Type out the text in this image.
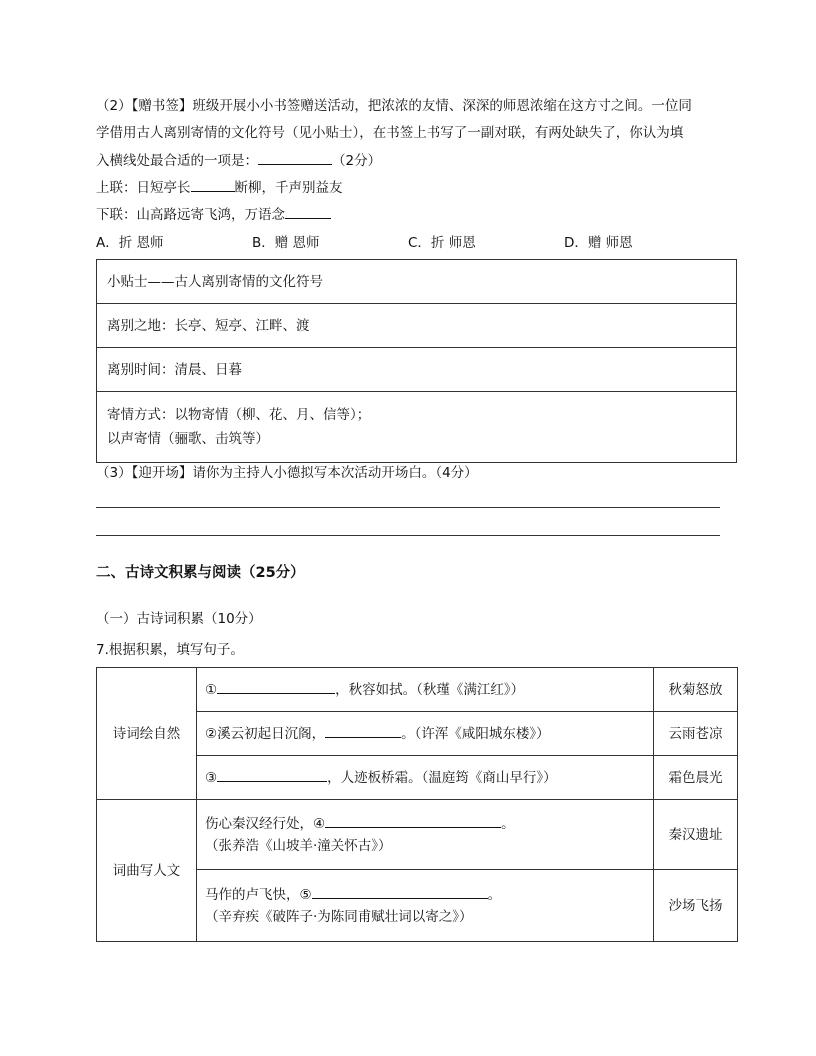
（2）【赠书签】班级开展小小书签赠送活动，把浓浓的友情、深深的师恩浓缩在这方寸之间。一位同
学借用古人离别寄情的文化符号（见小贴士），在书签上书写了一副对联，有两处缺失了，你认为填
入横线处最合适的一项是：	（2分）
上联：日短亭长	断柳，千声别益友
下联：山高路远寄飞鸿，万语念
A．折 恩师	B．赠 恩师	C．折 师恩	D．赠 师恩
小贴士——古人离别寄情的文化符号
离别之地：长亭、短亭、江畔、渡
离别时间：清晨、日暮

寄情方式：以物寄情（柳、花、月、信等）；
以声寄情（骊歌、击筑等）
（3）【迎开场】请你为主持人小德拟写本次活动开场白。（4分）
二、古诗文积累与阅读（25分）
（一）古诗词积累（10分）
7.根据积累，填写句子。
诗词绘自然	① ，秋容如拭。（秋瑾《满江红》）	秋菊怒放
	②溪云初起日沉阁， 。（许浑《咸阳城东楼》）	云雨苍凉
	③ ，人迹板桥霜。（温庭筠《商山早行》）	霜色晨光
词曲写人文	伤心秦汉经行处，④ 。
（张养浩《山坡羊·潼关怀古》）	秦汉遗址

	马作的卢飞快，⑤ 。
（辛弃疾《破阵子·为陈同甫赋壮词以寄之》）	沙场飞扬
